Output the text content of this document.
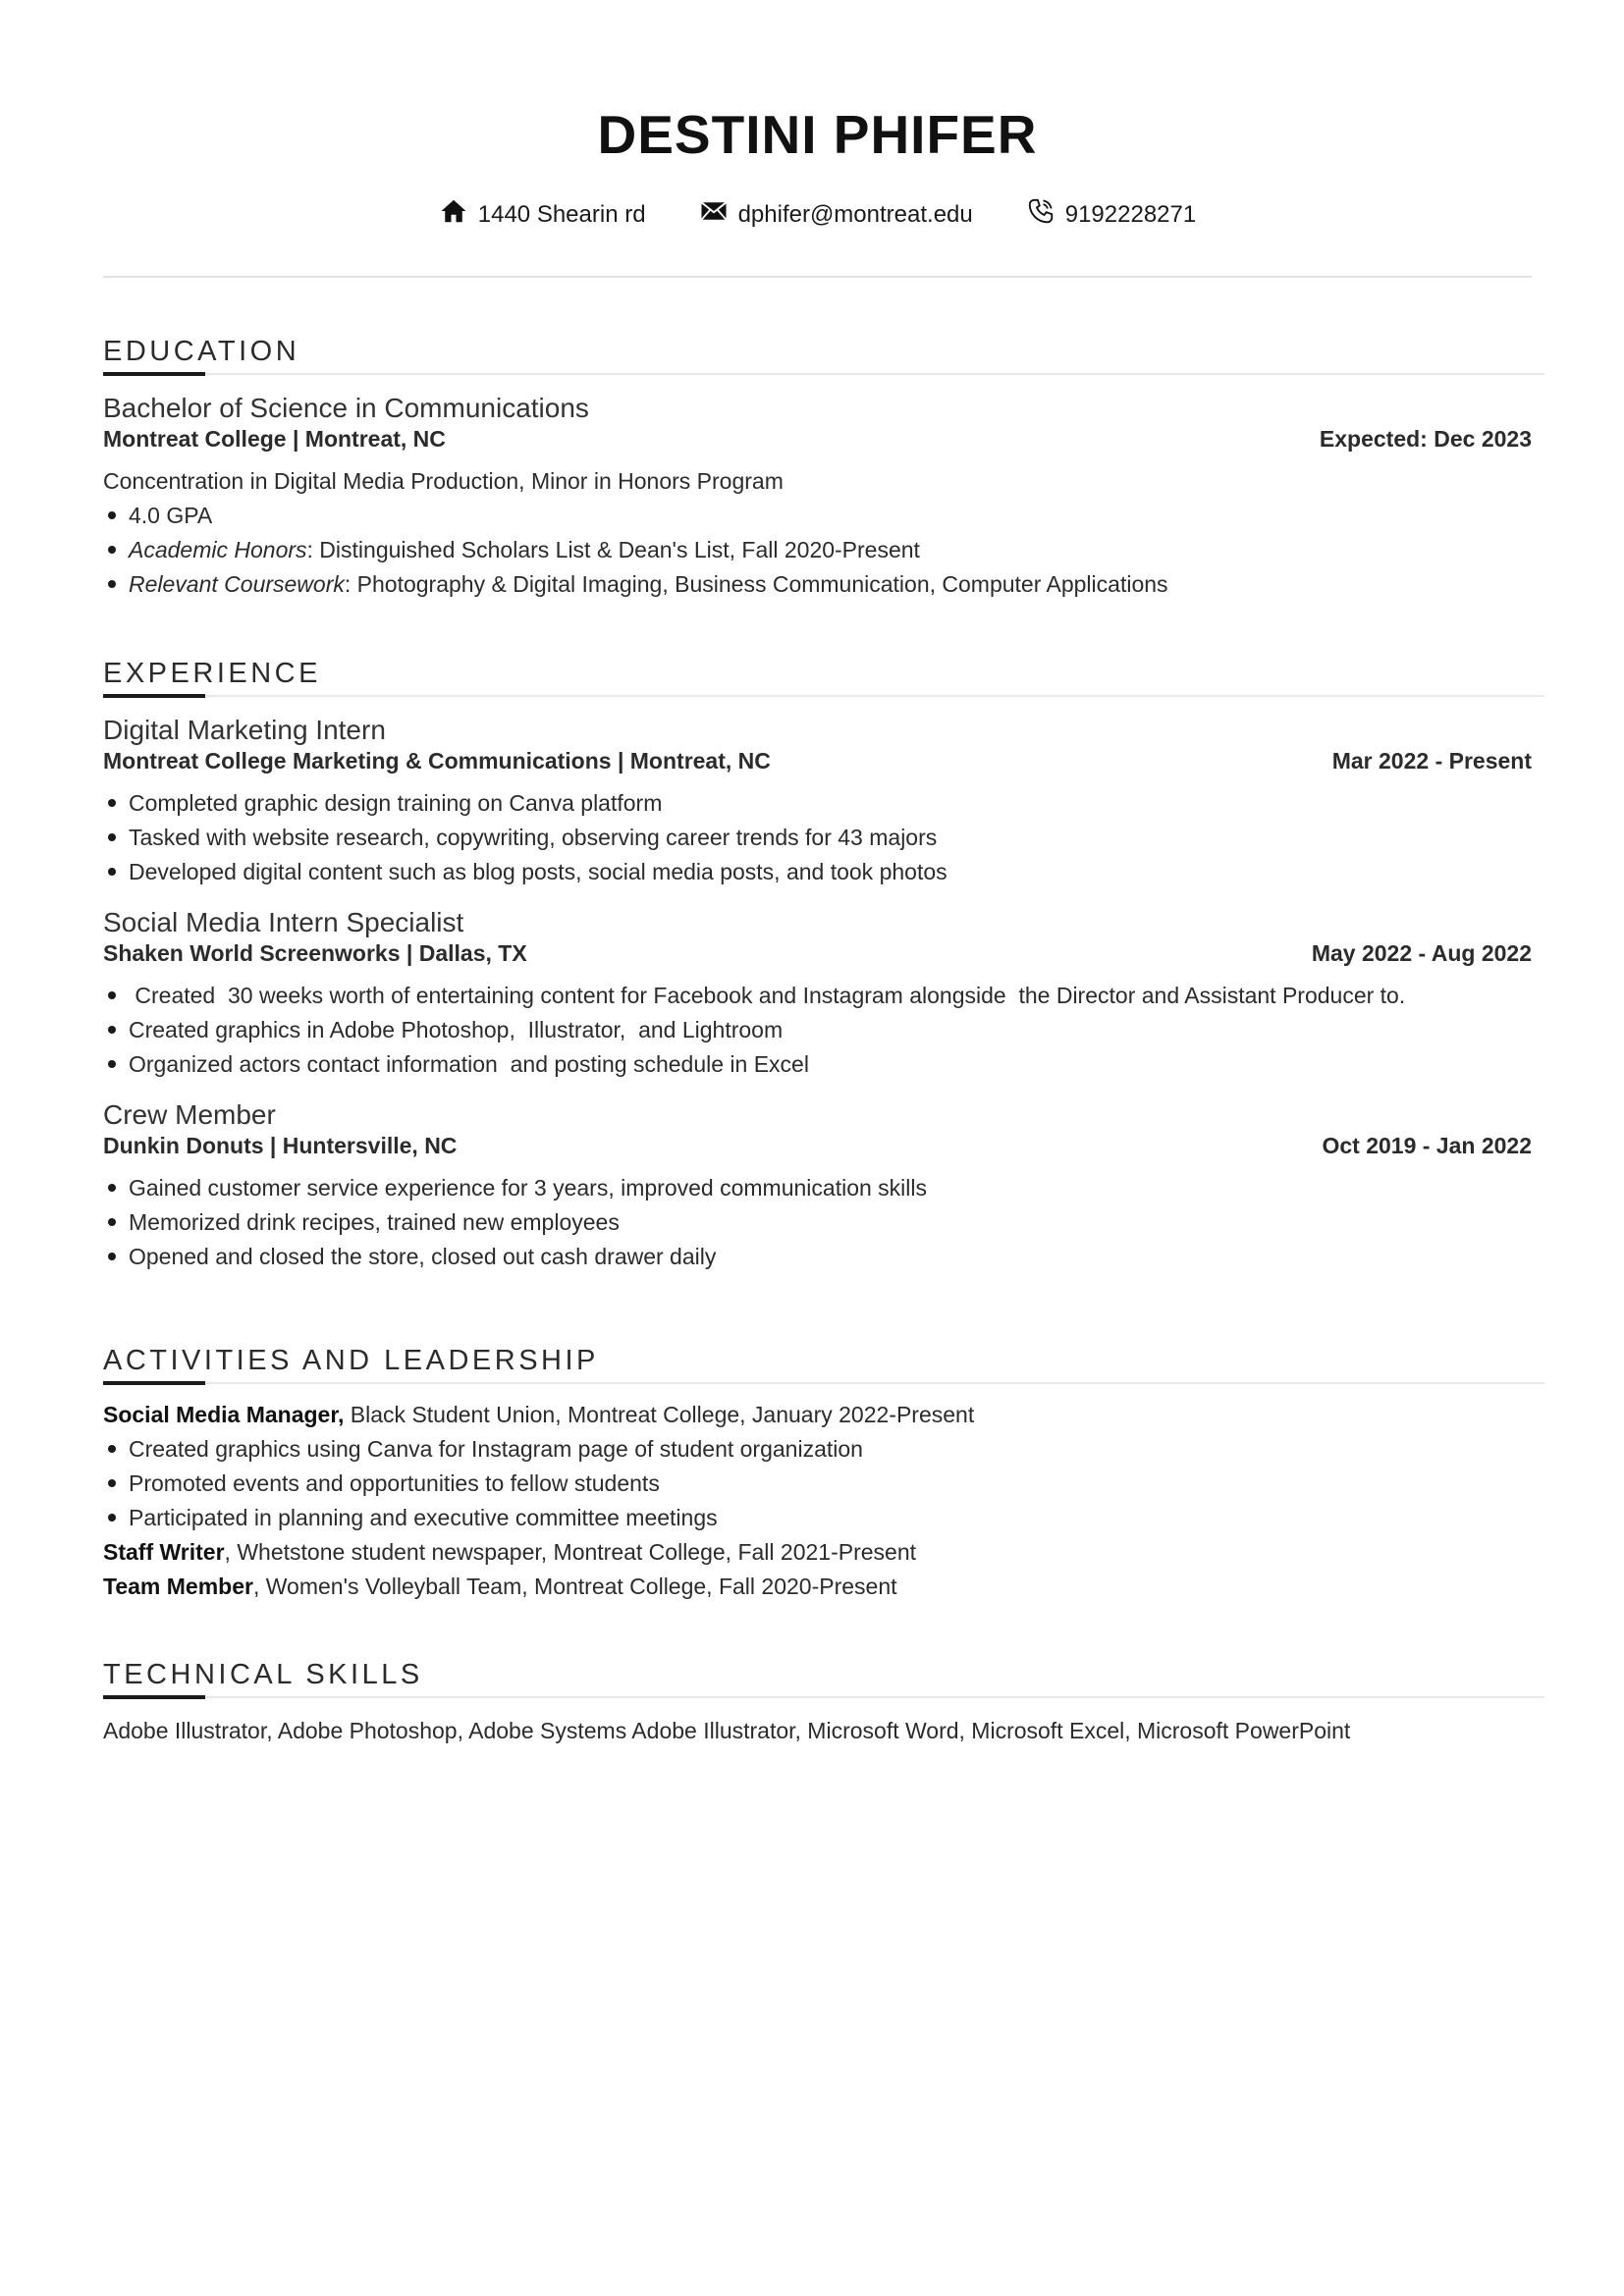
DESTINI PHIFER
1440 Shearin rd	dphifer@montreat.edu	9192228271
EDUCATION
Bachelor of Science in Communications
Montreat College | Montreat, NC	Expected: Dec 2023
Concentration in Digital Media Production, Minor in Honors Program
4.0 GPA
Academic Honors: Distinguished Scholars List & Dean's List, Fall 2020-Present
Relevant Coursework: Photography & Digital Imaging, Business Communication, Computer Applications
EXPERIENCE
Digital Marketing Intern
Montreat College Marketing & Communications | Montreat, NC	Mar 2022 - Present
Completed graphic design training on Canva platform
Tasked with website research, copywriting, observing career trends for 43 majors
Developed digital content such as blog posts, social media posts, and took photos
Social Media Intern Specialist
Shaken World Screenworks | Dallas, TX	May 2022 - Aug 2022
Created  30 weeks worth of entertaining content for Facebook and Instagram alongside  the Director and Assistant Producer to.
Created graphics in Adobe Photoshop,  Illustrator,  and Lightroom
Organized actors contact information  and posting schedule in Excel
Crew Member
Dunkin Donuts | Huntersville, NC	Oct 2019 - Jan 2022
Gained customer service experience for 3 years, improved communication skills
Memorized drink recipes, trained new employees
Opened and closed the store, closed out cash drawer daily
ACTIVITIES AND LEADERSHIP
Social Media Manager, Black Student Union, Montreat College, January 2022-Present
Created graphics using Canva for Instagram page of student organization
Promoted events and opportunities to fellow students
Participated in planning and executive committee meetings
Staff Writer, Whetstone student newspaper, Montreat College, Fall 2021-Present
Team Member, Women's Volleyball Team, Montreat College, Fall 2020-Present
TECHNICAL SKILLS
Adobe Illustrator, Adobe Photoshop, Adobe Systems Adobe Illustrator, Microsoft Word, Microsoft Excel, Microsoft PowerPoint
